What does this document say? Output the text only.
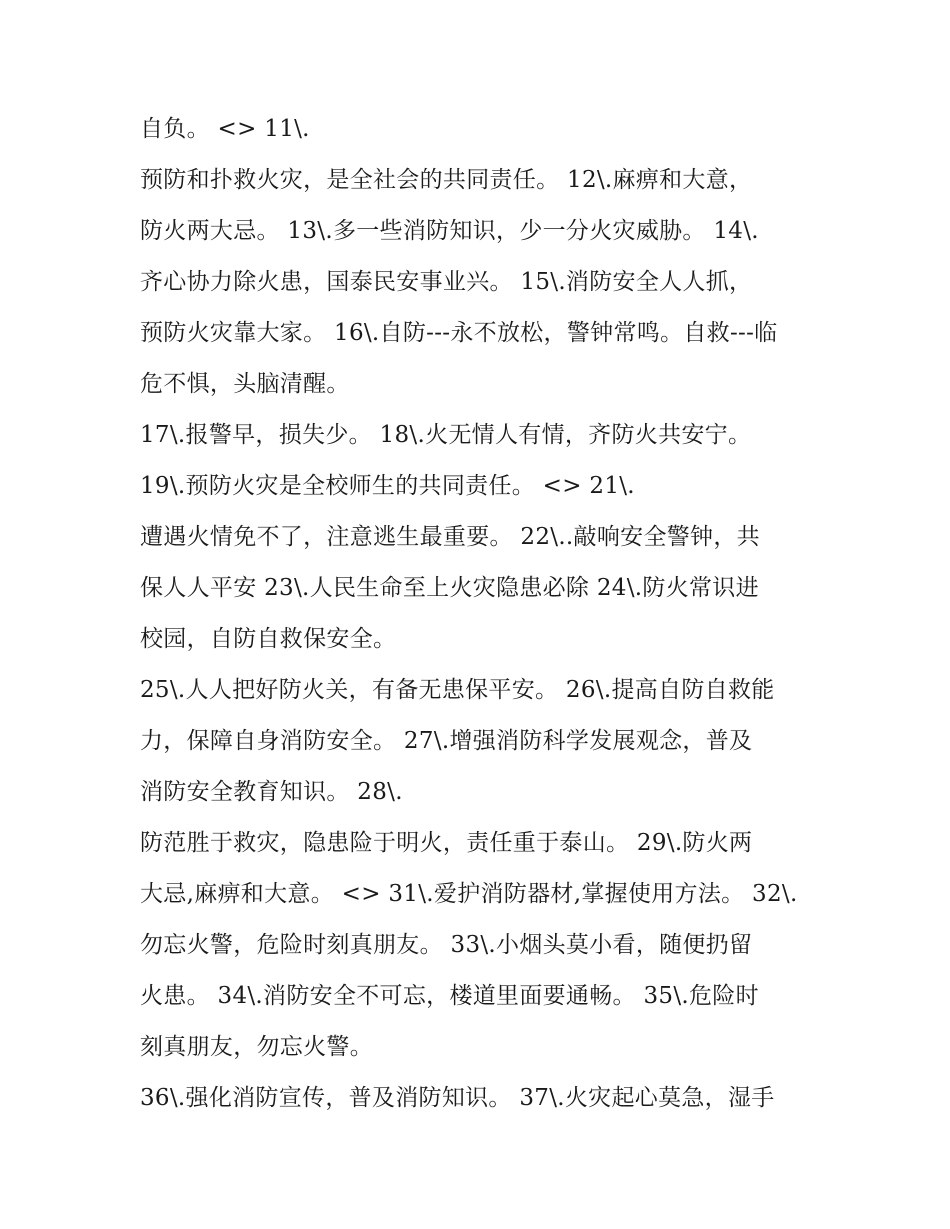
自负。 <> 11\.
预防和扑救火灾，是全社会的共同责任。 12\.麻痹和大意，
防火两大忌。 13\.多一些消防知识，少一分火灾威胁。 14\.
齐心协力除火患，国泰民安事业兴。 15\.消防安全人人抓，
预防火灾靠大家。 16\.自防---永不放松，警钟常鸣。自救---临
危不惧，头脑清醒。
17\.报警早，损失少。 18\.火无情人有情，齐防火共安宁。
19\.预防火灾是全校师生的共同责任。 <> 21\.
遭遇火情免不了，注意逃生最重要。 22\..敲响安全警钟，共
保人人平安 23\.人民生命至上火灾隐患必除 24\.防火常识进
校园，自防自救保安全。
25\.人人把好防火关，有备无患保平安。 26\.提高自防自救能
力，保障自身消防安全。 27\.增强消防科学发展观念，普及
消防安全教育知识。 28\.
防范胜于救灾，隐患险于明火，责任重于泰山。 29\.防火两
大忌,麻痹和大意。 <> 31\.爱护消防器材,掌握使用方法。 32\.
勿忘火警，危险时刻真朋友。 33\.小烟头莫小看，随便扔留
火患。 34\.消防安全不可忘，楼道里面要通畅。 35\.危险时
刻真朋友，勿忘火警。
36\.强化消防宣传，普及消防知识。 37\.火灾起心莫急，湿手
